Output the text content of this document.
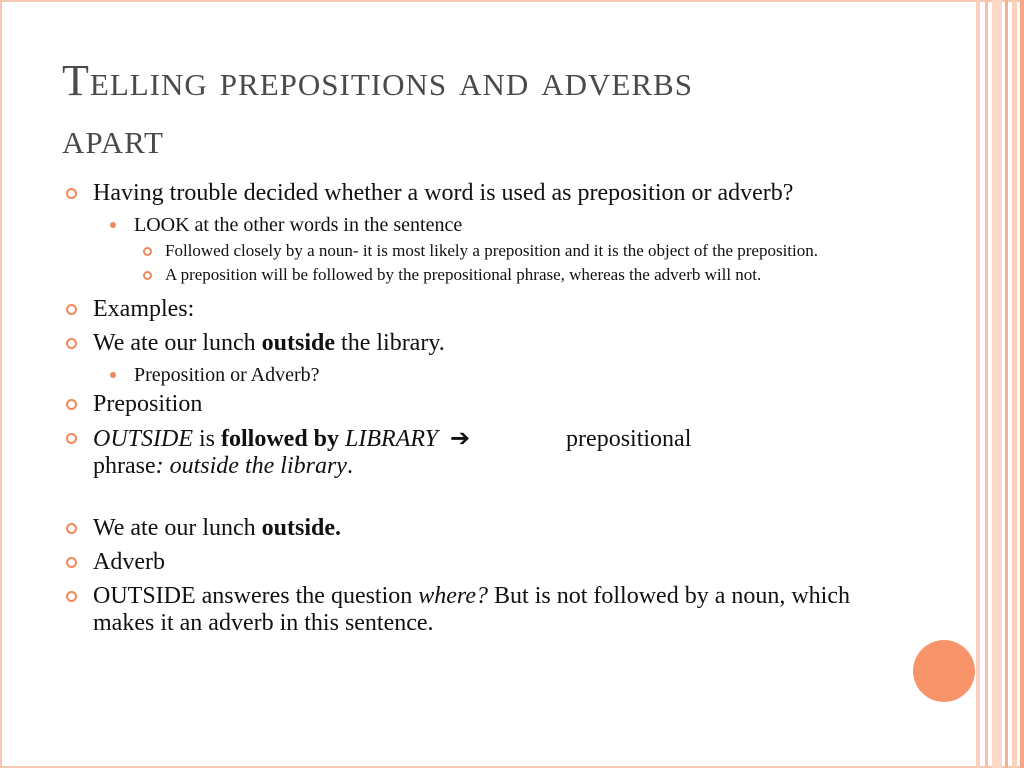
Telling prepositions and adverbs
apart
Having trouble decided whether a word is used as preposition or adverb?
LOOK at the other words in the sentence
Followed closely by a noun- it is most likely a preposition and it is the object of the preposition.
A preposition will be followed by the prepositional phrase, whereas the adverb will not.
Examples:
We ate our lunch outside the library.
Preposition or Adverb?
Preposition
OUTSIDE is followed by LIBRARY ➔	prepositional
phrase: outside the library.
We ate our lunch outside.
Adverb
OUTSIDE answeres the question where? But is not followed by a noun, which makes it an adverb in this sentence.
